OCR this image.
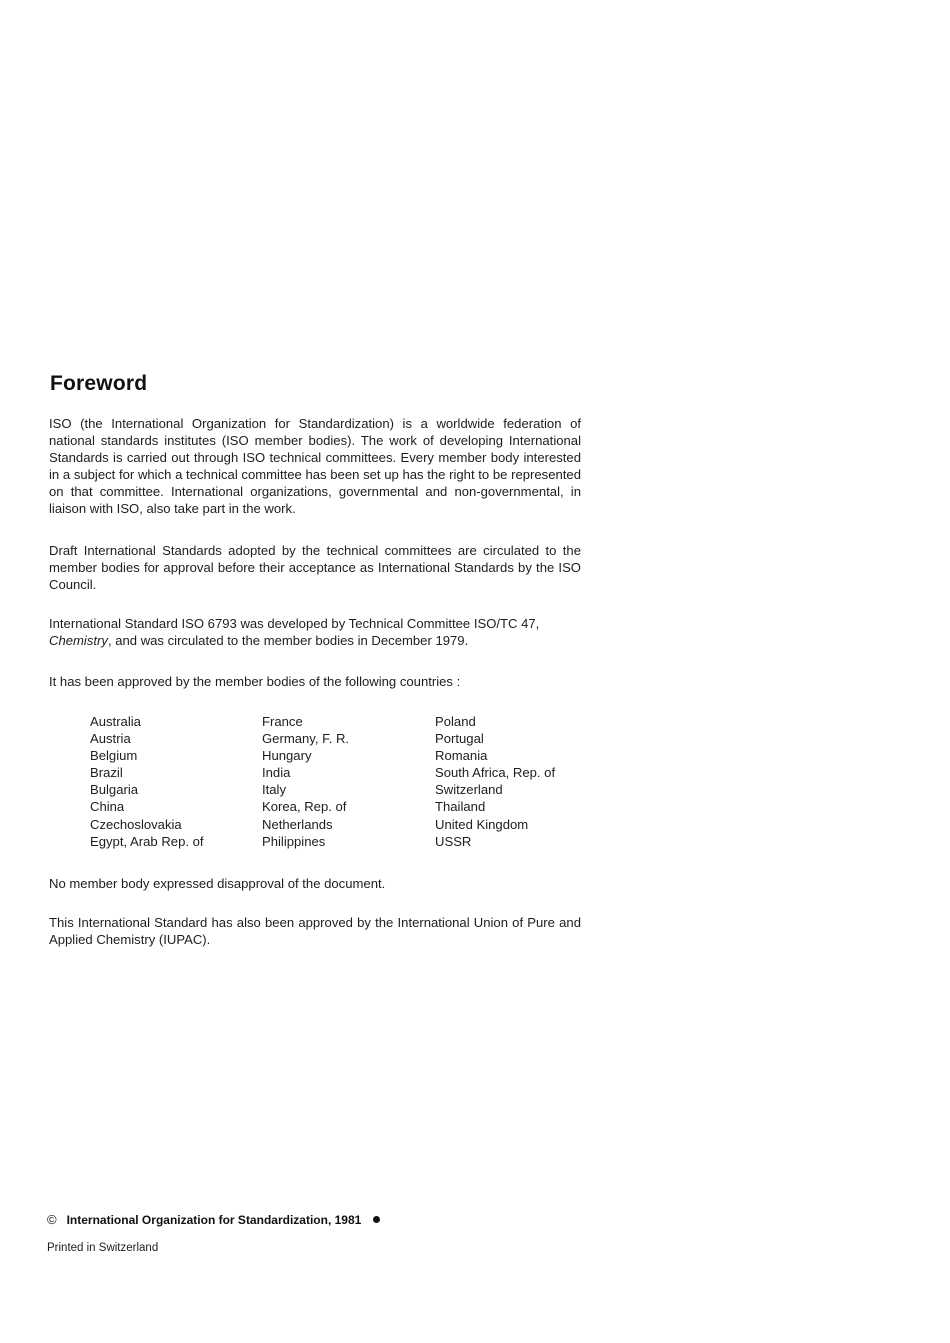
Foreword

ISO (the International Organization for Standardization) is a worldwide federation of national standards institutes (ISO member bodies). The work of developing International Standards is carried out through ISO technical committees. Every member body interested in a subject for which a technical committee has been set up has the right to be represented on that committee. International organizations, governmental and non-governmental, in liaison with ISO, also take part in the work.

Draft International Standards adopted by the technical committees are circulated to the member bodies for approval before their acceptance as International Standards by the ISO Council.

International Standard ISO 6793 was developed by Technical Committee ISO/TC 47,
Chemistry, and was circulated to the member bodies in December 1979.

It has been approved by the member bodies of the following countries :

Australia
Austria
Belgium
Brazil
Bulgaria
China
Czechoslovakia
Egypt, Arab Rep. of
France
Germany, F. R.
Hungary
India
Italy
Korea, Rep. of
Netherlands
Philippines
Poland
Portugal
Romania
South Africa, Rep. of
Switzerland
Thailand
United Kingdom
USSR

No member body expressed disapproval of the document.

This International Standard has also been approved by the International Union of Pure and Applied Chemistry (IUPAC).

© International Organization for Standardization, 1981
Printed in Switzerland
